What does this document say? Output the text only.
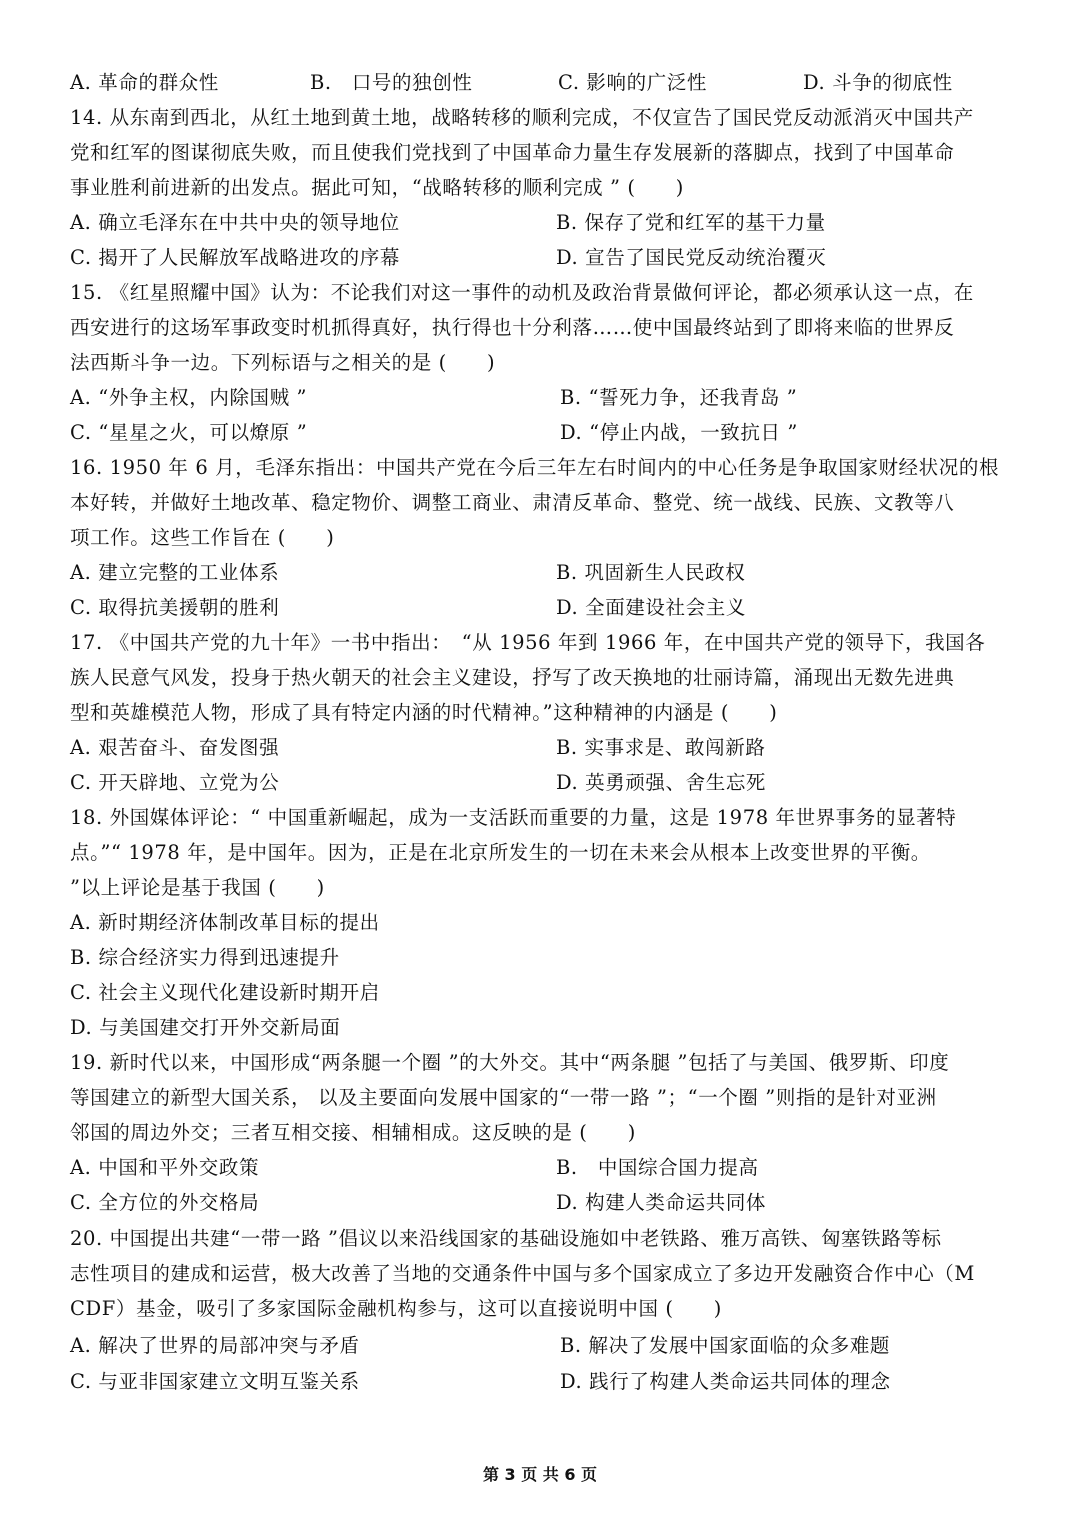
A. 革命的群众性	B.　口号的独创性	C. 影响的广泛性	D. 斗争的彻底性
14. 从东南到西北，从红土地到黄土地，战略转移的顺利完成，不仅宣告了国民党反动派消灭中国共产
党和红军的图谋彻底失败，而且使我们党找到了中国革命力量生存发展新的落脚点，找到了中国革命
事业胜利前进新的出发点。据此可知，“战略转移的顺利完成 ” (　　)
A. 确立毛泽东在中共中央的领导地位	B. 保存了党和红军的基干力量
C. 揭开了人民解放军战略进攻的序幕	D. 宣告了国民党反动统治覆灭
15. 《红星照耀中国》认为：不论我们对这一事件的动机及政治背景做何评论，都必须承认这一点，在
西安进行的这场军事政变时机抓得真好，执行得也十分利落……使中国最终站到了即将来临的世界反
法西斯斗争一边。下列标语与之相关的是 (　　)
A. “外争主权，内除国贼 ”	B. “誓死力争，还我青岛 ”
C. “星星之火，可以燎原 ”	D. “停止内战，一致抗日 ”
16. 1950 年 6 月，毛泽东指出：中国共产党在今后三年左右时间内的中心任务是争取国家财经状况的根
本好转，并做好土地改革、稳定物价、调整工商业、肃清反革命、整党、统一战线、民族、文教等八
项工作。这些工作旨在 (　　)
A. 建立完整的工业体系	B. 巩固新生人民政权
C. 取得抗美援朝的胜利	D. 全面建设社会主义
17. 《中国共产党的九十年》一书中指出：　“从 1956 年到 1966 年，在中国共产党的领导下，我国各
族人民意气风发，投身于热火朝天的社会主义建设，抒写了改天换地的壮丽诗篇，涌现出无数先进典
型和英雄模范人物，形成了具有特定内涵的时代精神。”这种精神的内涵是 (　　)
A. 艰苦奋斗、奋发图强	B. 实事求是、敢闯新路
C. 开天辟地、立党为公	D. 英勇顽强、舍生忘死
18. 外国媒体评论：“ 中国重新崛起，成为一支活跃而重要的力量，这是 1978 年世界事务的显著特
点。”“ 1978 年，是中国年。因为，正是在北京所发生的一切在未来会从根本上改变世界的平衡。
”以上评论是基于我国 (　　)
A. 新时期经济体制改革目标的提出
B. 综合经济实力得到迅速提升
C. 社会主义现代化建设新时期开启
D. 与美国建交打开外交新局面
19. 新时代以来，中国形成“两条腿一个圈 ”的大外交。其中“两条腿 ”包括了与美国、俄罗斯、印度
等国建立的新型大国关系， 以及主要面向发展中国家的“一带一路 ”；“一个圈 ”则指的是针对亚洲
邻国的周边外交；三者互相交接、相辅相成。这反映的是 (　　)
A. 中国和平外交政策	B.　中国综合国力提高
C. 全方位的外交格局	D. 构建人类命运共同体
20. 中国提出共建“一带一路 ”倡议以来沿线国家的基础设施如中老铁路、雅万高铁、匈塞铁路等标
志性项目的建成和运营，极大改善了当地的交通条件中国与多个国家成立了多边开发融资合作中心（M
CDF）基金，吸引了多家国际金融机构参与，这可以直接说明中国 (　　)
A. 解决了世界的局部冲突与矛盾	B. 解决了发展中国家面临的众多难题
C. 与亚非国家建立文明互鉴关系	D. 践行了构建人类命运共同体的理念
第 3 页 共 6 页
